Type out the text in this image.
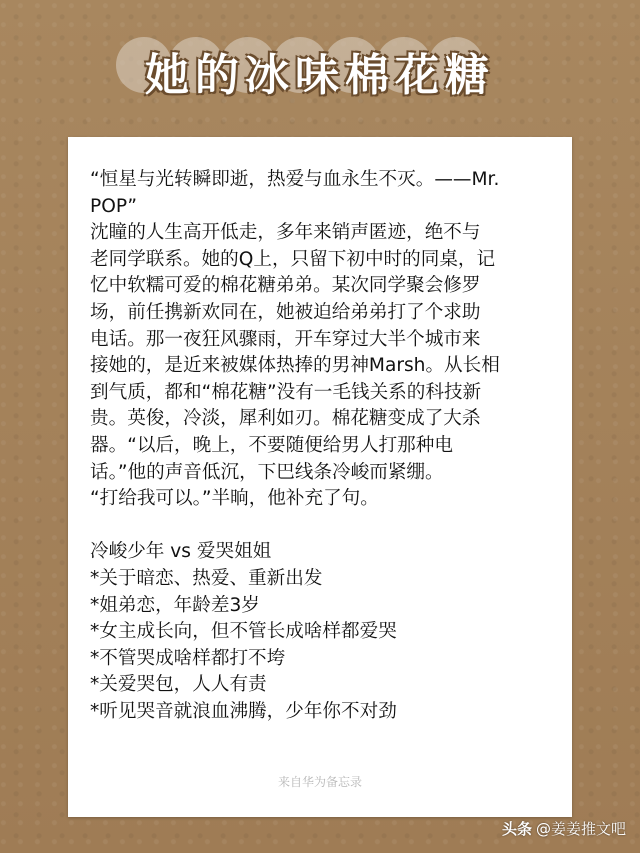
她的冰味棉花糖
“恒星与光转瞬即逝，热爱与血永生不灭。——Mr.
POP”
沈瞳的人生高开低走，多年来销声匿迹，绝不与
老同学联系。她的Q上，只留下初中时的同桌，记
忆中软糯可爱的棉花糖弟弟。某次同学聚会修罗
场，前任携新欢同在，她被迫给弟弟打了个求助
电话。那一夜狂风骤雨，开车穿过大半个城市来
接她的，是近来被媒体热捧的男神Marsh。从长相
到气质，都和“棉花糖”没有一毛钱关系的科技新
贵。英俊，冷淡，犀利如刃。棉花糖变成了大杀
器。“以后，晚上，不要随便给男人打那种电
话。”他的声音低沉，下巴线条冷峻而紧绷。
“打给我可以。”半晌，他补充了句。
冷峻少年 vs 爱哭姐姐
*关于暗恋、热爱、重新出发
*姐弟恋，年龄差3岁
*女主成长向，但不管长成啥样都爱哭
*不管哭成啥样都打不垮
*关爱哭包，人人有责
*听见哭音就浪血沸腾，少年你不对劲
来自华为备忘录
头条 @姜姜推文吧
